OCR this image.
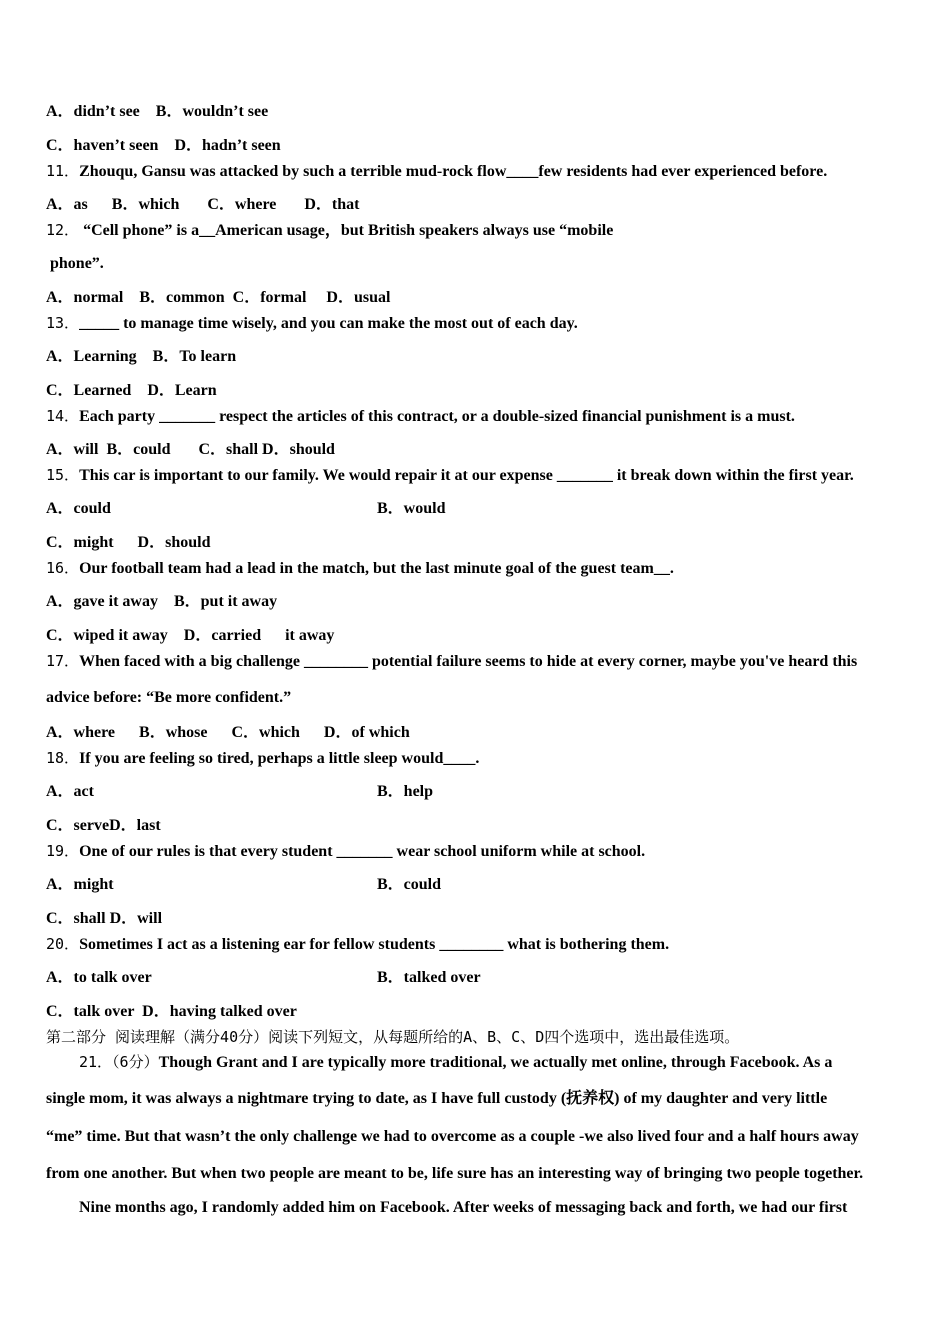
A．didn’t see    B．wouldn’t see
C．haven’t seen    D．hadn’t seen
11．Zhouqu, Gansu was attacked by such a terrible mud-rock flow____few residents had ever experienced before.
A．as      B．which       C．where       D．that
12． “Cell phone” is a__American usage，but British speakers always use “mobile
phone”.
A．normal    B．common  C．formal     D．usual
13．_____ to manage time wisely, and you can make the most out of each day.
A．Learning    B．To learn
C．Learned    D．Learn
14．Each party _______ respect the articles of this contract, or a double-sized financial punishment is a must.
A．will  B．could       C．shall D．should
15．This car is important to our family. We would repair it at our expense _______ it break down within the first year.
A．could	B．would
C．might      D．should
16．Our football team had a lead in the match, but the last minute goal of the guest team__.
A．gave it away    B．put it away
C．wiped it away    D．carried      it away
17．When faced with a big challenge ________ potential failure seems to hide at every corner, maybe you've heard this
advice before: “Be more confident.”
A．where      B．whose      C．which      D．of which
18．If you are feeling so tired, perhaps a little sleep would____.
A．act	B．help
C．serveD．last
19．One of our rules is that every student _______ wear school uniform while at school.
A．might	B．could
C．shall D．will
20．Sometimes I act as a listening ear for fellow students ________ what is bothering them.
A．to talk over	B．talked over
C．talk over  D．having talked over
第二部分 阅读理解（满分40分）阅读下列短文，从每题所给的A、B、C、D四个选项中，选出最佳选项。
21．（6分）Though Grant and I are typically more traditional, we actually met online, through Facebook. As a
single mom, it was always a nightmare trying to date, as I have full custody (抚养权) of my daughter and very little
“me” time. But that wasn’t the only challenge we had to overcome as a couple -we also lived four and a half hours away
from one another. But when two people are meant to be, life sure has an interesting way of bringing two people together.
Nine months ago, I randomly added him on Facebook. After weeks of messaging back and forth, we had our first
